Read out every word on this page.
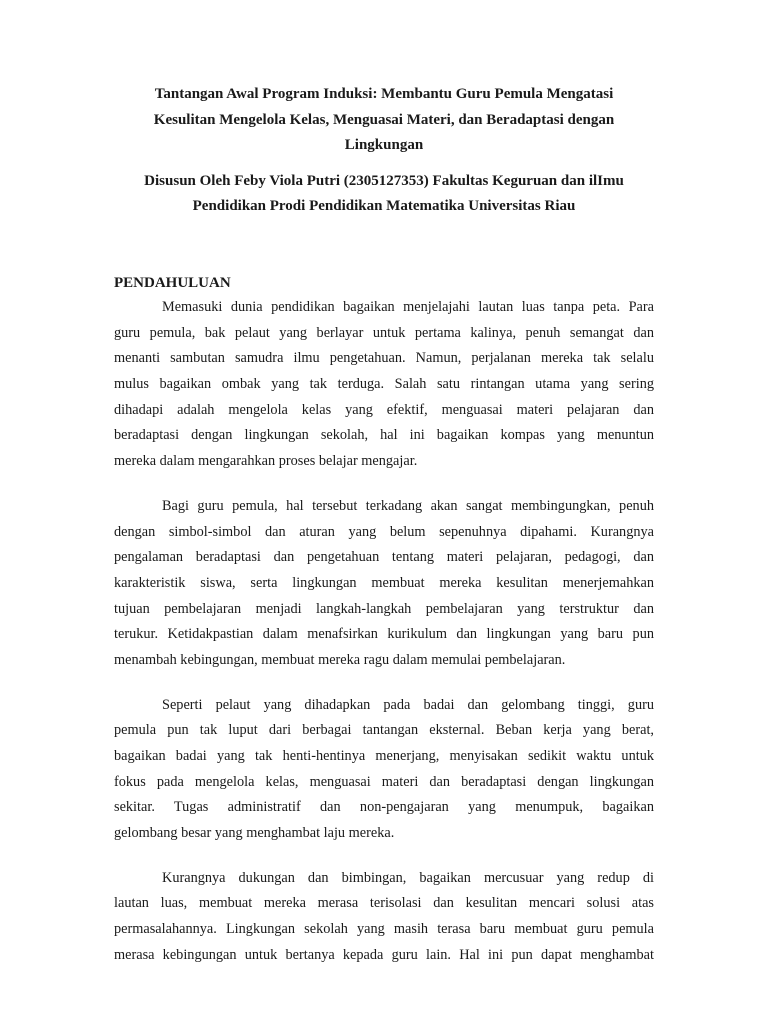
Tantangan Awal Program Induksi: Membantu Guru Pemula Mengatasi
Kesulitan Mengelola Kelas, Menguasai Materi, dan Beradaptasi dengan
Lingkungan
Disusun Oleh Feby Viola Putri (2305127353) Fakultas Keguruan dan ilImu
Pendidikan Prodi Pendidikan Matematika Universitas Riau
PENDAHULUAN

Memasuki dunia pendidikan bagaikan menjelajahi lautan luas tanpa peta. Para
guru pemula, bak pelaut yang berlayar untuk pertama kalinya, penuh semangat dan
menanti sambutan samudra ilmu pengetahuan. Namun, perjalanan mereka tak selalu
mulus bagaikan ombak yang tak terduga. Salah satu rintangan utama yang sering
dihadapi adalah mengelola kelas yang efektif, menguasai materi pelajaran dan
beradaptasi dengan lingkungan sekolah, hal ini bagaikan kompas yang menuntun
mereka dalam mengarahkan proses belajar mengajar.

Bagi guru pemula, hal tersebut terkadang akan sangat membingungkan, penuh
dengan simbol-simbol dan aturan yang belum sepenuhnya dipahami. Kurangnya
pengalaman beradaptasi dan pengetahuan tentang materi pelajaran, pedagogi, dan
karakteristik siswa, serta lingkungan membuat mereka kesulitan menerjemahkan
tujuan pembelajaran menjadi langkah-langkah pembelajaran yang terstruktur dan
terukur. Ketidakpastian dalam menafsirkan kurikulum dan lingkungan yang baru pun
menambah kebingungan, membuat mereka ragu dalam memulai pembelajaran.

Seperti pelaut yang dihadapkan pada badai dan gelombang tinggi, guru
pemula pun tak luput dari berbagai tantangan eksternal. Beban kerja yang berat,
bagaikan badai yang tak henti-hentinya menerjang, menyisakan sedikit waktu untuk
fokus pada mengelola kelas, menguasai materi dan beradaptasi dengan lingkungan
sekitar. Tugas administratif dan non-pengajaran yang menumpuk, bagaikan
gelombang besar yang menghambat laju mereka.

Kurangnya dukungan dan bimbingan, bagaikan mercusuar yang redup di
lautan luas, membuat mereka merasa terisolasi dan kesulitan mencari solusi atas
permasalahannya. Lingkungan sekolah yang masih terasa baru membuat guru pemula
merasa kebingungan untuk bertanya kepada guru lain. Hal ini pun dapat menghambat
